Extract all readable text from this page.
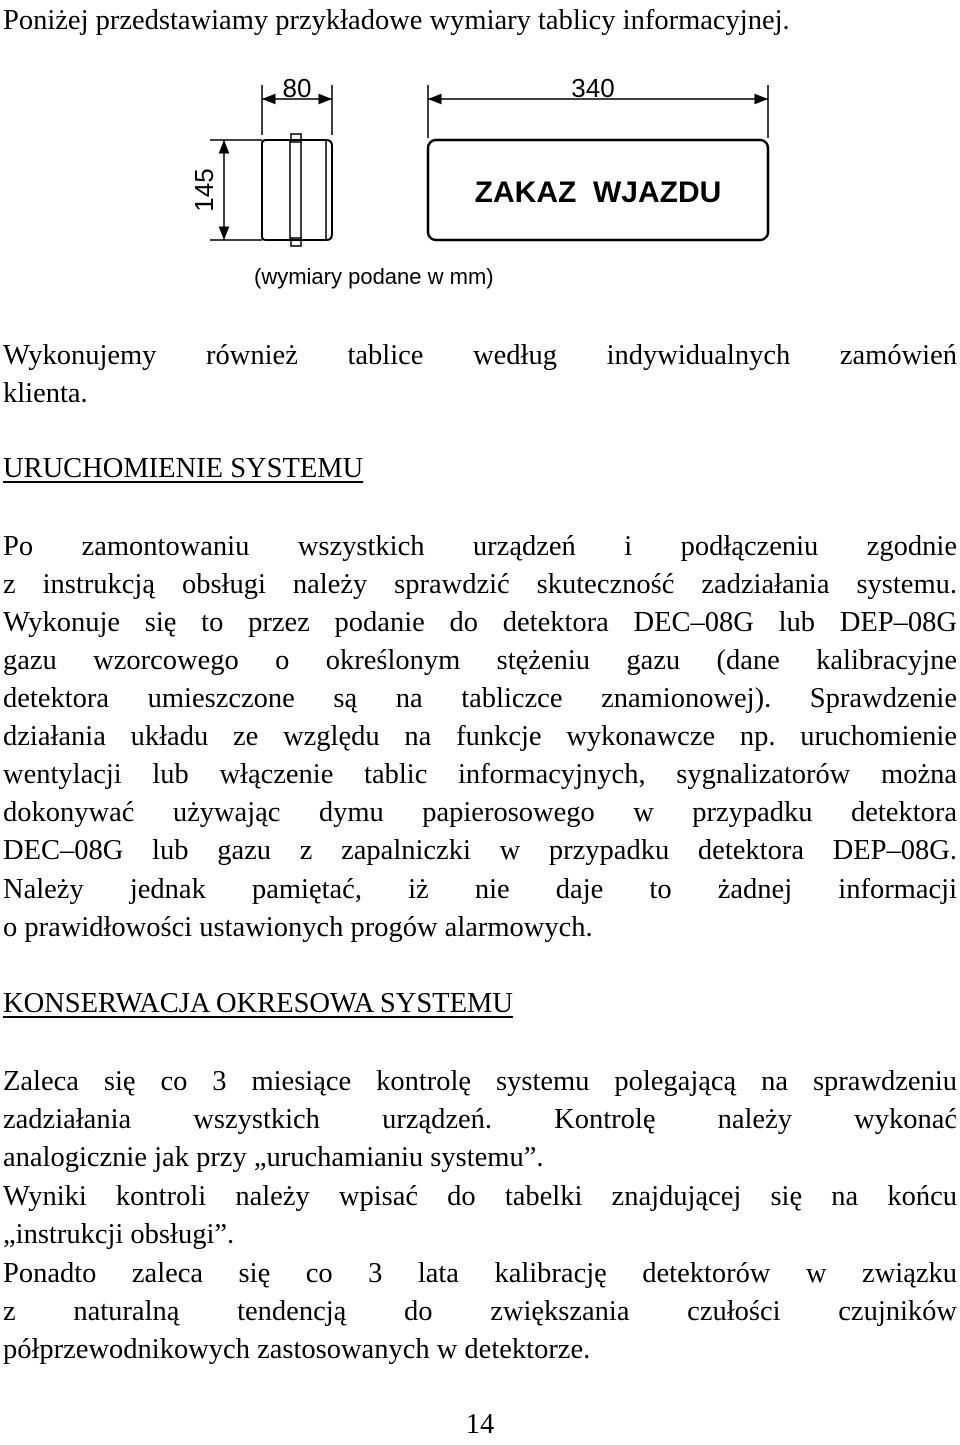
Poniżej przedstawiamy przykładowe wymiary tablicy informacyjnej.
80
145
340
ZAKAZ  WJAZDU
(wymiary podane w mm)
Wykonujemy również tablice według indywidualnych zamówień
klienta.
URUCHOMIENIE SYSTEMU
Po zamontowaniu wszystkich urządzeń i podłączeniu zgodnie
z instrukcją obsługi należy sprawdzić skuteczność zadziałania systemu.
Wykonuje się to przez podanie do detektora DEC–08G lub DEP–08G
gazu wzorcowego o określonym stężeniu gazu (dane kalibracyjne
detektora umieszczone są na tabliczce znamionowej). Sprawdzenie
działania układu ze względu na funkcje wykonawcze np. uruchomienie
wentylacji lub włączenie tablic informacyjnych, sygnalizatorów można
dokonywać używając dymu papierosowego w przypadku detektora
DEC–08G lub gazu z zapalniczki w przypadku detektora DEP–08G.
Należy jednak pamiętać, iż nie daje to żadnej informacji
o prawidłowości ustawionych progów alarmowych.
KONSERWACJA OKRESOWA SYSTEMU
Zaleca się co 3 miesiące kontrolę systemu polegającą na sprawdzeniu
zadziałania wszystkich urządzeń. Kontrolę należy wykonać
analogicznie jak przy „uruchamianiu systemu”.
Wyniki kontroli należy wpisać do tabelki znajdującej się na końcu
„instrukcji obsługi”.
Ponadto zaleca się co 3 lata kalibrację detektorów w związku
z naturalną tendencją do zwiększania czułości czujników
półprzewodnikowych zastosowanych w detektorze.
14
